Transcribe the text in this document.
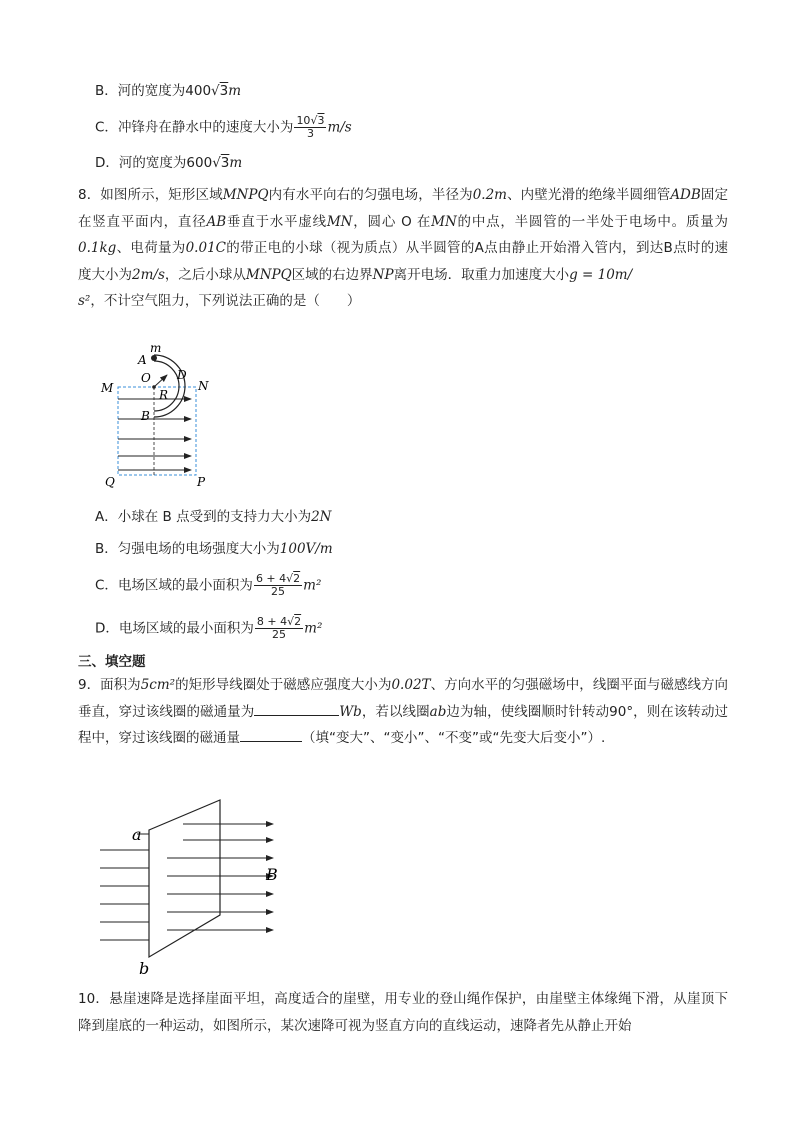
B．河的宽度为400√3m
C．冲锋舟在静水中的速度大小为 $\frac{10√3}{3} m/s$
D．河的宽度为600√3m
8．如图所示，矩形区域MNPQ内有水平向右的匀强电场，半径为0.2m、内壁光滑的绝缘半圆细管ADB固定在竖直平面内，直径AB垂直于水平虚线MN，圆心 O 在MN的中点，半圆管的一半处于电场中。质量为0.1kg、电荷量为0.01C的带正电的小球（视为质点）从半圆管的A点由静止开始滑入管内，到达B点时的速度大小为2m/s，之后小球从MNPQ区域的右边界NP离开电场．取重力加速度大小g = 10m/
s²，不计空气阻力，下列说法正确的是（　　）
A
m
O D
M	N
R
B
Q	P
A．小球在 B 点受到的支持力大小为2N
B．匀强电场的电场强度大小为100V/m
C．电场区域的最小面积为 $\frac{6 + 4√2}{25} m^2$
D．电场区域的最小面积为 $\frac{8 + 4√2}{25} m^2$
三、填空题
9．面积为5cm²的矩形导线圈处于磁感应强度大小为0.02T、方向水平的匀强磁场中，线圈平面与磁感线方向垂直，穿过该线圈的磁通量为	Wb，若以线圈ab边为轴，使线圈顺时针转动90°，则在该转动过程中，穿过该线圈的磁通量	（填“变大”、“变小”、“不变”或“先变大后变小”）.
a
b
B
10．悬崖速降是选择崖面平坦，高度适合的崖壁，用专业的登山绳作保护，由崖壁主体缘绳下滑，从崖顶下降到崖底的一种运动，如图所示，某次速降可视为竖直方向的直线运动，速降者先从静止开始
